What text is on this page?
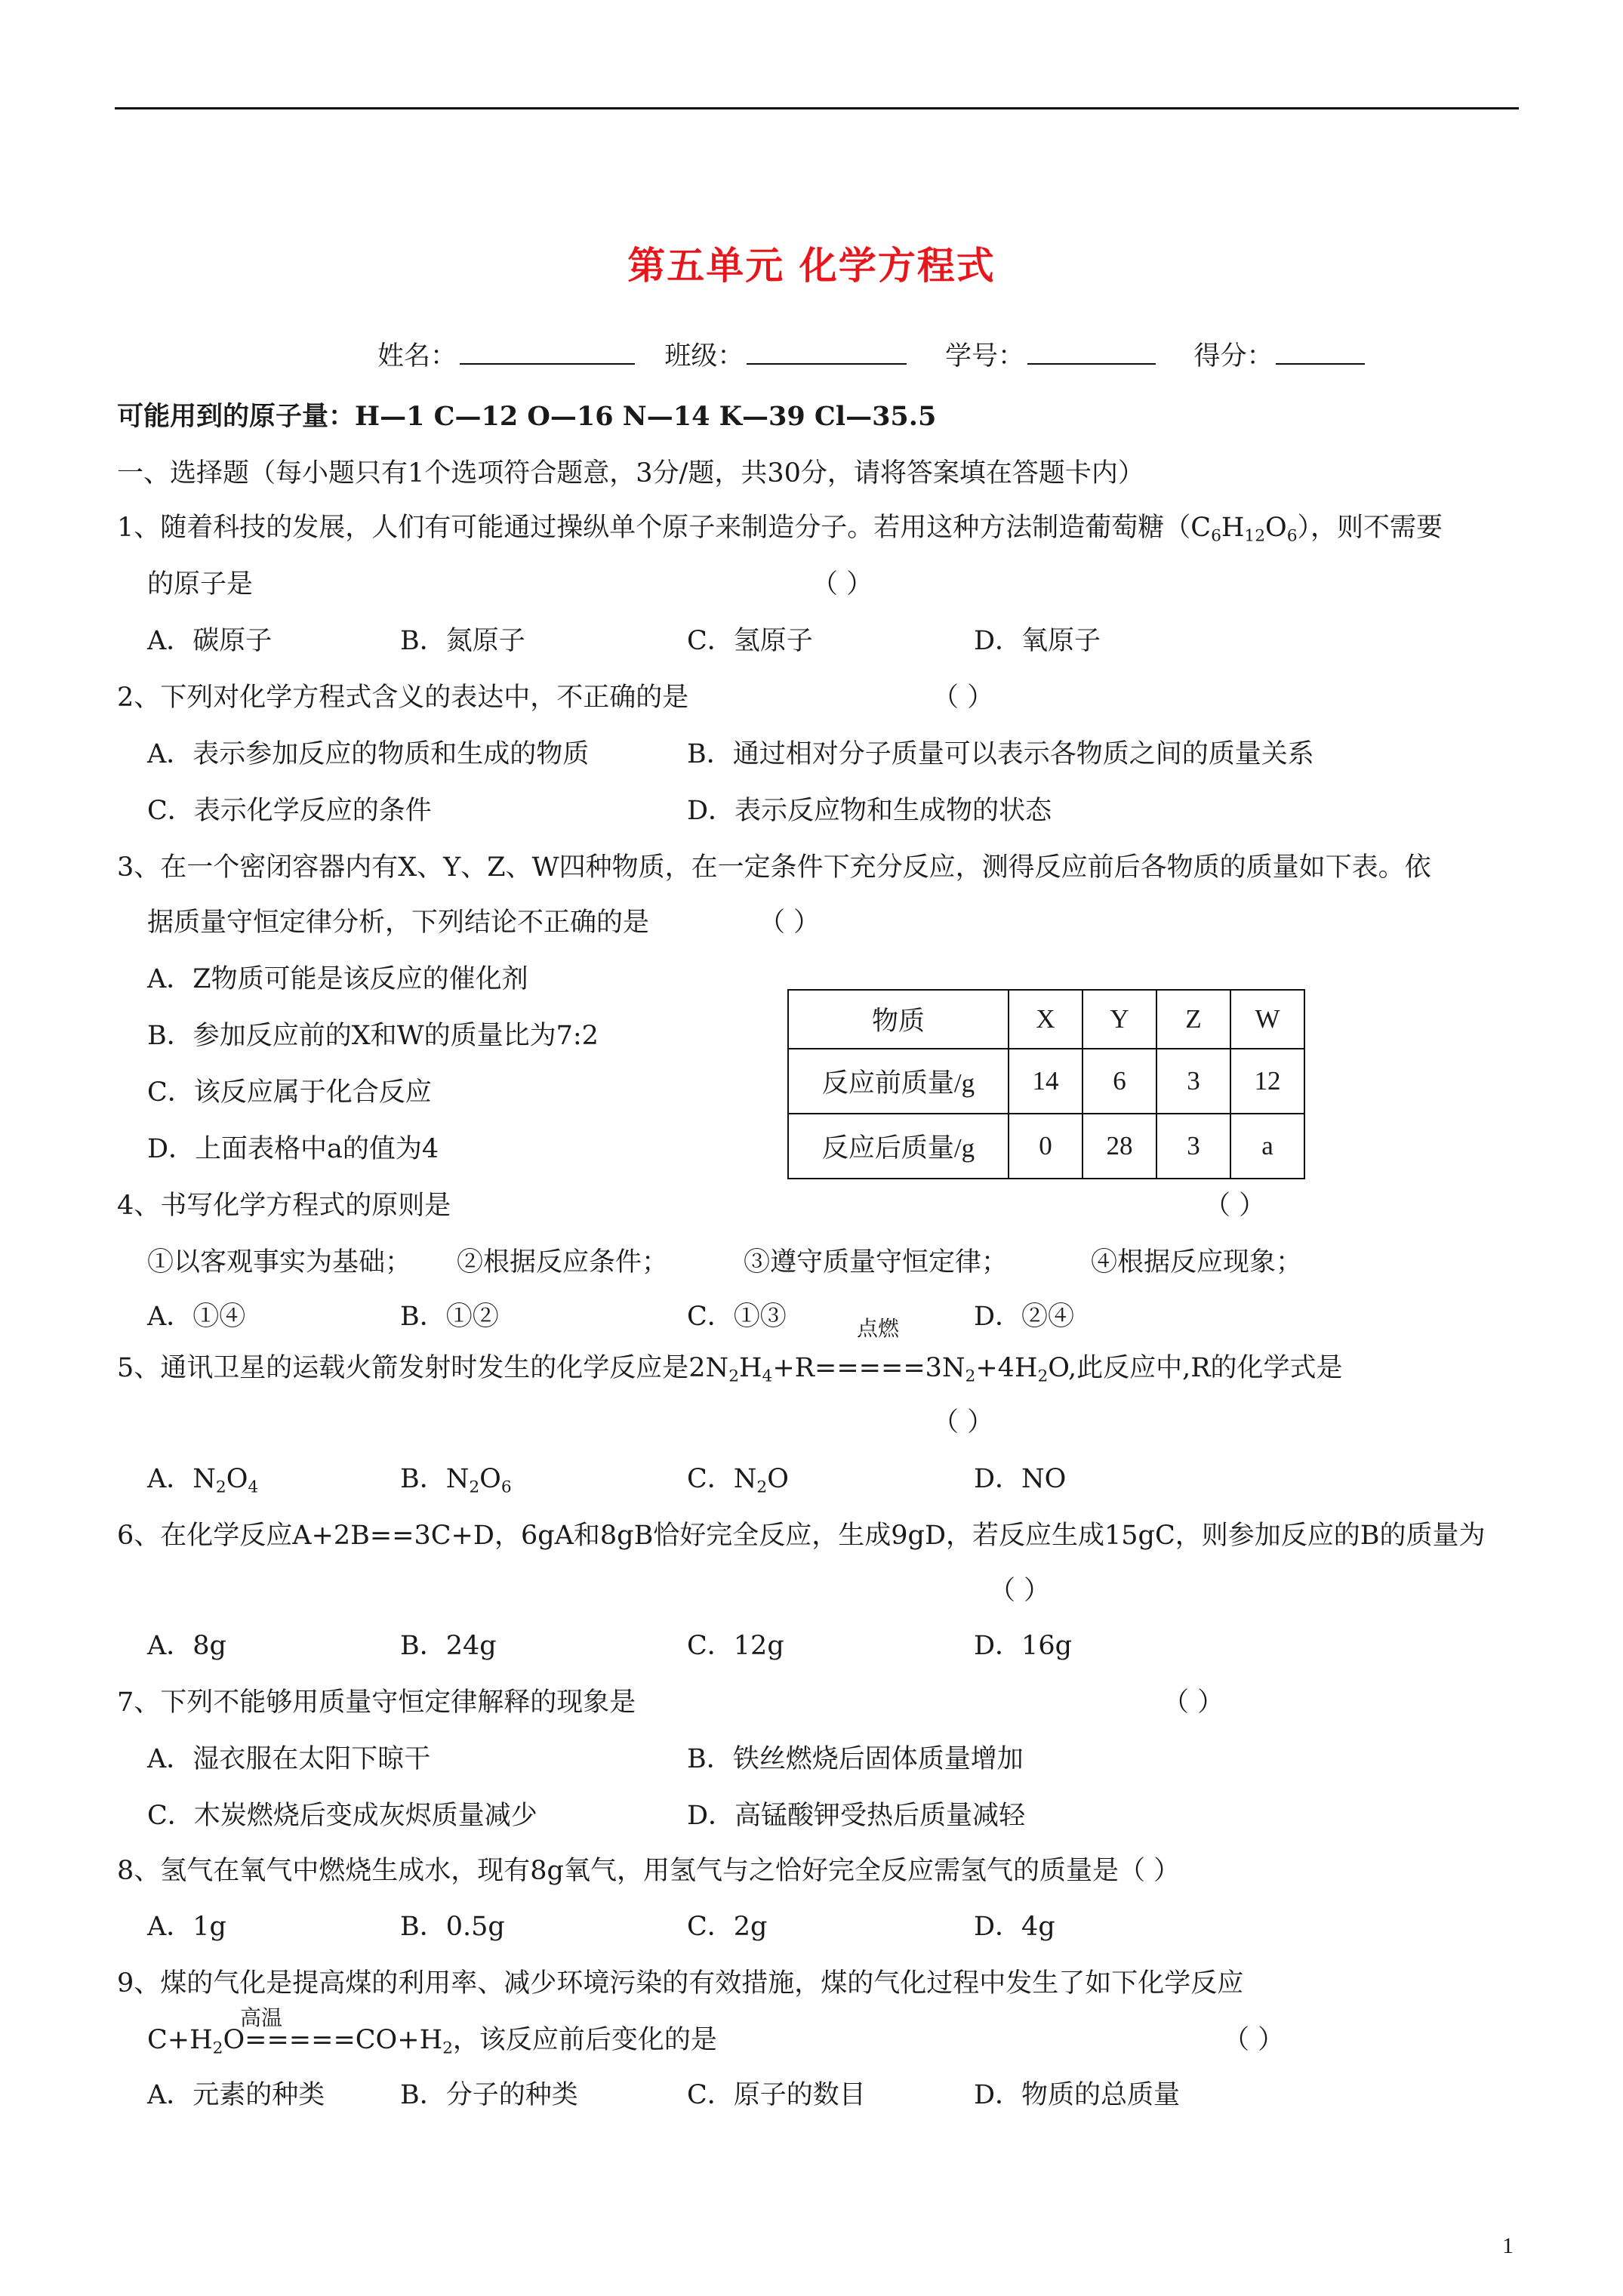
第五单元 化学方程式
姓名：	班级：	学号：	得分：
可能用到的原子量：H—1 C—12 O—16 N—14 K—39 Cl—35.5
一、选择题（每小题只有1个选项符合题意，3分/题，共30分，请将答案填在答题卡内）
1、随着科技的发展，人们有可能通过操纵单个原子来制造分子。若用这种方法制造葡萄糖$(C_6H_{12}O_6)$，则不需要
的原子是	（ ）
A．碳原子	B．氮原子	C．氢原子	D．氧原子
2、下列对化学方程式含义的表达中，不正确的是	（ ）
A．表示参加反应的物质和生成的物质	B．通过相对分子质量可以表示各物质之间的质量关系
C．表示化学反应的条件	D．表示反应物和生成物的状态
3、在一个密闭容器内有X、Y、Z、W四种物质，在一定条件下充分反应，测得反应前后各物质的质量如下表。依
据质量守恒定律分析，下列结论不正确的是	（ ）
A．Z物质可能是该反应的催化剂
B．参加反应前的X和W的质量比为7:2
C．该反应属于化合反应
D．上面表格中a的值为4
物质	X	Y	Z	W
反应前质量/g	14	6	3	12
反应后质量/g	0	28	3	a
4、书写化学方程式的原则是	（ ）
①以客观事实为基础； ②根据反应条件；	③遵守质量守恒定律；	④根据反应现象；
A．①④	B．①②	C．①③	D．②④
点燃
5、通讯卫星的运载火箭发射时发生的化学反应是$2N_2H_4+R=====3N_2+4H_2O$,此反应中,R的化学式是
（ ）
A．$N_2O_4$	B．$N_2O_6$	C．$N_2O$	D．NO
6、在化学反应A+2B==3C+D，6gA和8gB恰好完全反应，生成9gD，若反应生成15gC，则参加反应的B的质量为
（ ）
A．8g	B．24g	C．12g	D．16g
7、下列不能够用质量守恒定律解释的现象是	（ ）
A．湿衣服在太阳下晾干	B．铁丝燃烧后固体质量增加
C．木炭燃烧后变成灰烬质量减少	D．高锰酸钾受热后质量减轻
8、氢气在氧气中燃烧生成水，现有8g氧气，用氢气与之恰好完全反应需氢气的质量是（ ）
A．1g	B．0.5g	C．2g	D．4g
9、煤的气化是提高煤的利用率、减少环境污染的有效措施，煤的气化过程中发生了如下化学反应
高温
$C+H_2O=====CO+H_2$，该反应前后变化的是	（ ）
A．元素的种类	B．分子的种类	C．原子的数目	D．物质的总质量
1
